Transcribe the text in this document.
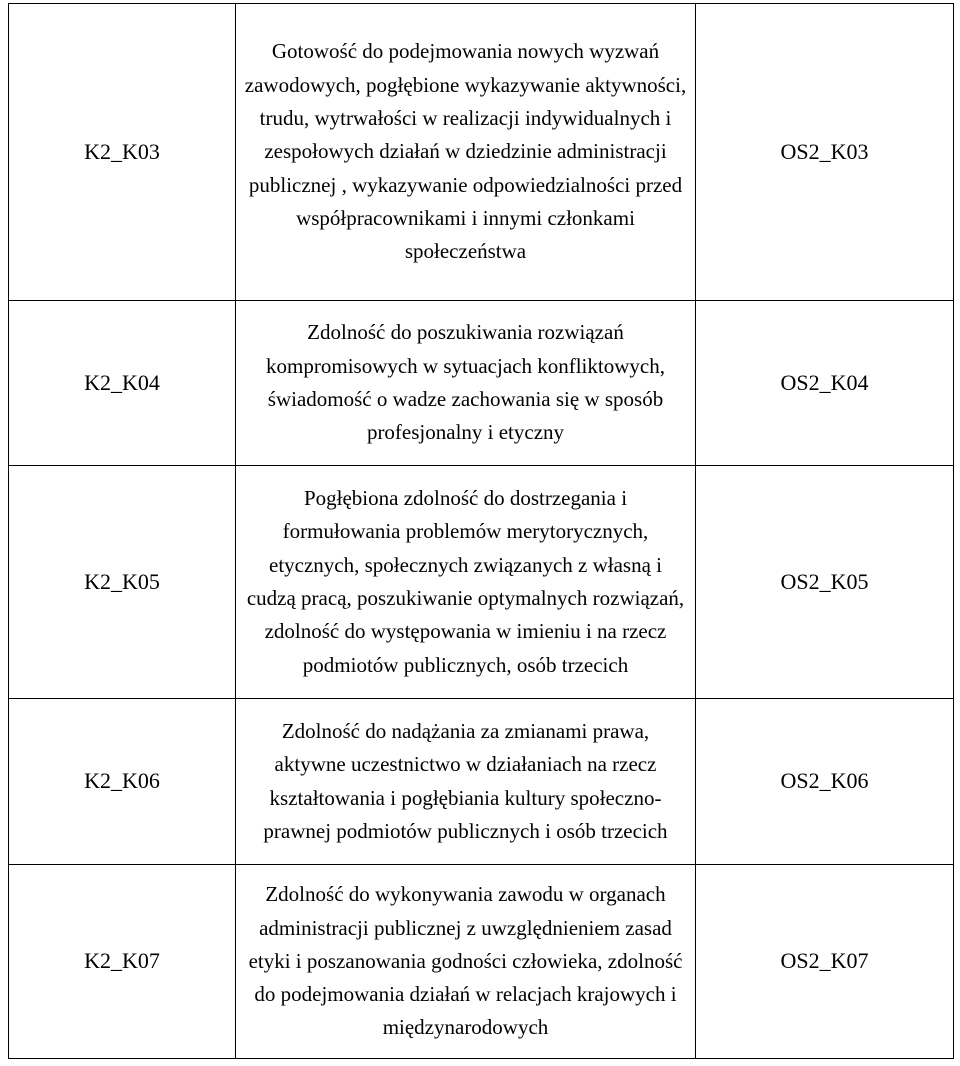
K2_K03	Gotowość do podejmowania nowych wyzwań zawodowych, pogłębione wykazywanie aktywności, trudu, wytrwałości w realizacji indywidualnych i zespołowych działań w dziedzinie administracji publicznej , wykazywanie odpowiedzialności przed współpracownikami i innymi członkami społeczeństwa	OS2_K03
K2_K04	Zdolność do poszukiwania rozwiązań kompromisowych w sytuacjach konfliktowych, świadomość o wadze zachowania się w sposób profesjonalny i etyczny	OS2_K04
K2_K05	Pogłębiona zdolność do dostrzegania i formułowania problemów merytorycznych, etycznych, społecznych związanych z własną i cudzą pracą, poszukiwanie optymalnych rozwiązań, zdolność do występowania w imieniu i na rzecz podmiotów publicznych, osób trzecich	OS2_K05
K2_K06	Zdolność do nadążania za zmianami prawa, aktywne uczestnictwo w działaniach na rzecz kształtowania i pogłębiania kultury społeczno- prawnej podmiotów publicznych i osób trzecich	OS2_K06
K2_K07	Zdolność do wykonywania zawodu w organach administracji publicznej z uwzględnieniem zasad etyki i poszanowania godności człowieka, zdolność do podejmowania działań w relacjach krajowych i międzynarodowych	OS2_K07
